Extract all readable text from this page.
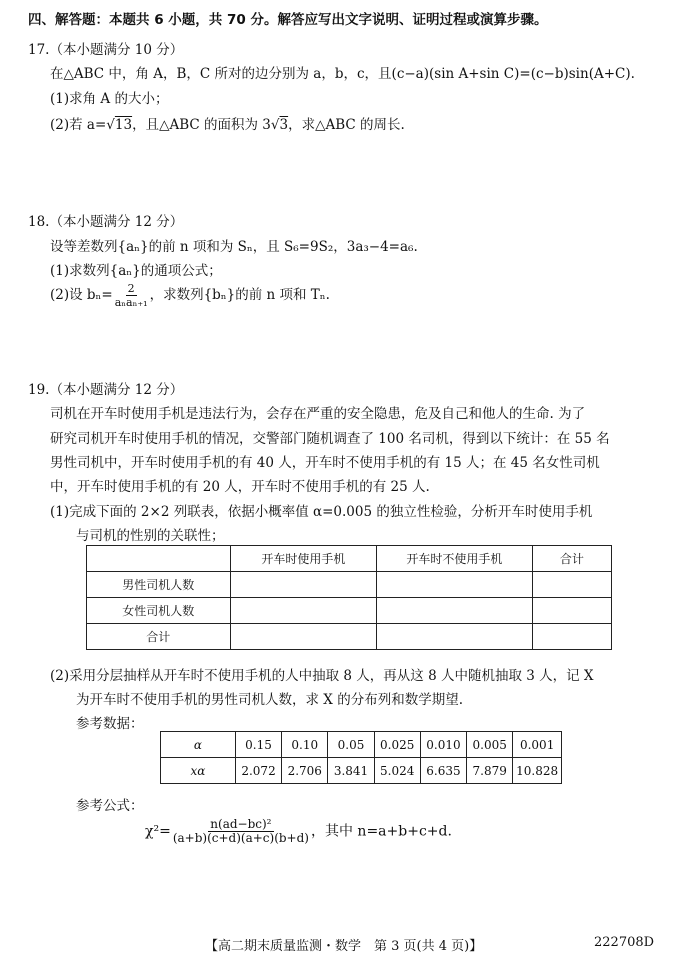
四、解答题：本题共 6 小题，共 70 分。解答应写出文字说明、证明过程或演算步骤。
17.（本小题满分 10 分）
在△ABC 中，角 A，B，C 所对的边分别为 a，b，c，且(c−a)(sin A+sin C)=(c−b)sin(A+C).
(1)求角 A 的大小；
(2)若 a=√13，且△ABC 的面积为 3√3，求△ABC 的周长.
18.（本小题满分 12 分）
设等差数列{aₙ}的前 n 项和为 Sₙ，且 S₆=9S₂，3a₃−4=a₆.
(1)求数列{aₙ}的通项公式；
(2)设 $b_n= \frac{2}{\text{aₙaₙ₊₁}}$ ，求数列{bₙ}的前 n 项和 Tₙ.
19.（本小题满分 12 分）
司机在开车时使用手机是违法行为，会存在严重的安全隐患，危及自己和他人的生命. 为了
研究司机开车时使用手机的情况，交警部门随机调查了 100 名司机，得到以下统计：在 55 名
男性司机中，开车时使用手机的有 40 人，开车时不使用手机的有 15 人；在 45 名女性司机
中，开车时使用手机的有 20 人，开车时不使用手机的有 25 人.
(1)完成下面的 2×2 列联表，依据小概率值 α=0.005 的独立性检验，分析开车时使用手机
与司机的性别的关联性；
	开车时使用手机	开车时不使用手机	合计
男性司机人数			
女性司机人数			
合计			
(2)采用分层抽样从开车时不使用手机的人中抽取 8 人，再从这 8 人中随机抽取 3 人，记 X
为开车时不使用手机的男性司机人数，求 X 的分布列和数学期望.
参考数据：
α	0.15	0.10	0.05	0.025	0.010	0.005	0.001
xα	2.072	2.706	3.841	5.024	6.635	7.879	10.828
参考公式：
$\chi^2= \frac{\text{n(ad−bc)²}}{(a+b)(c+d)(a+c)(b+d)}$ ，其中 n=a+b+c+d.
【高二期末质量监测・数学　第 3 页(共 4 页)】	222708D
